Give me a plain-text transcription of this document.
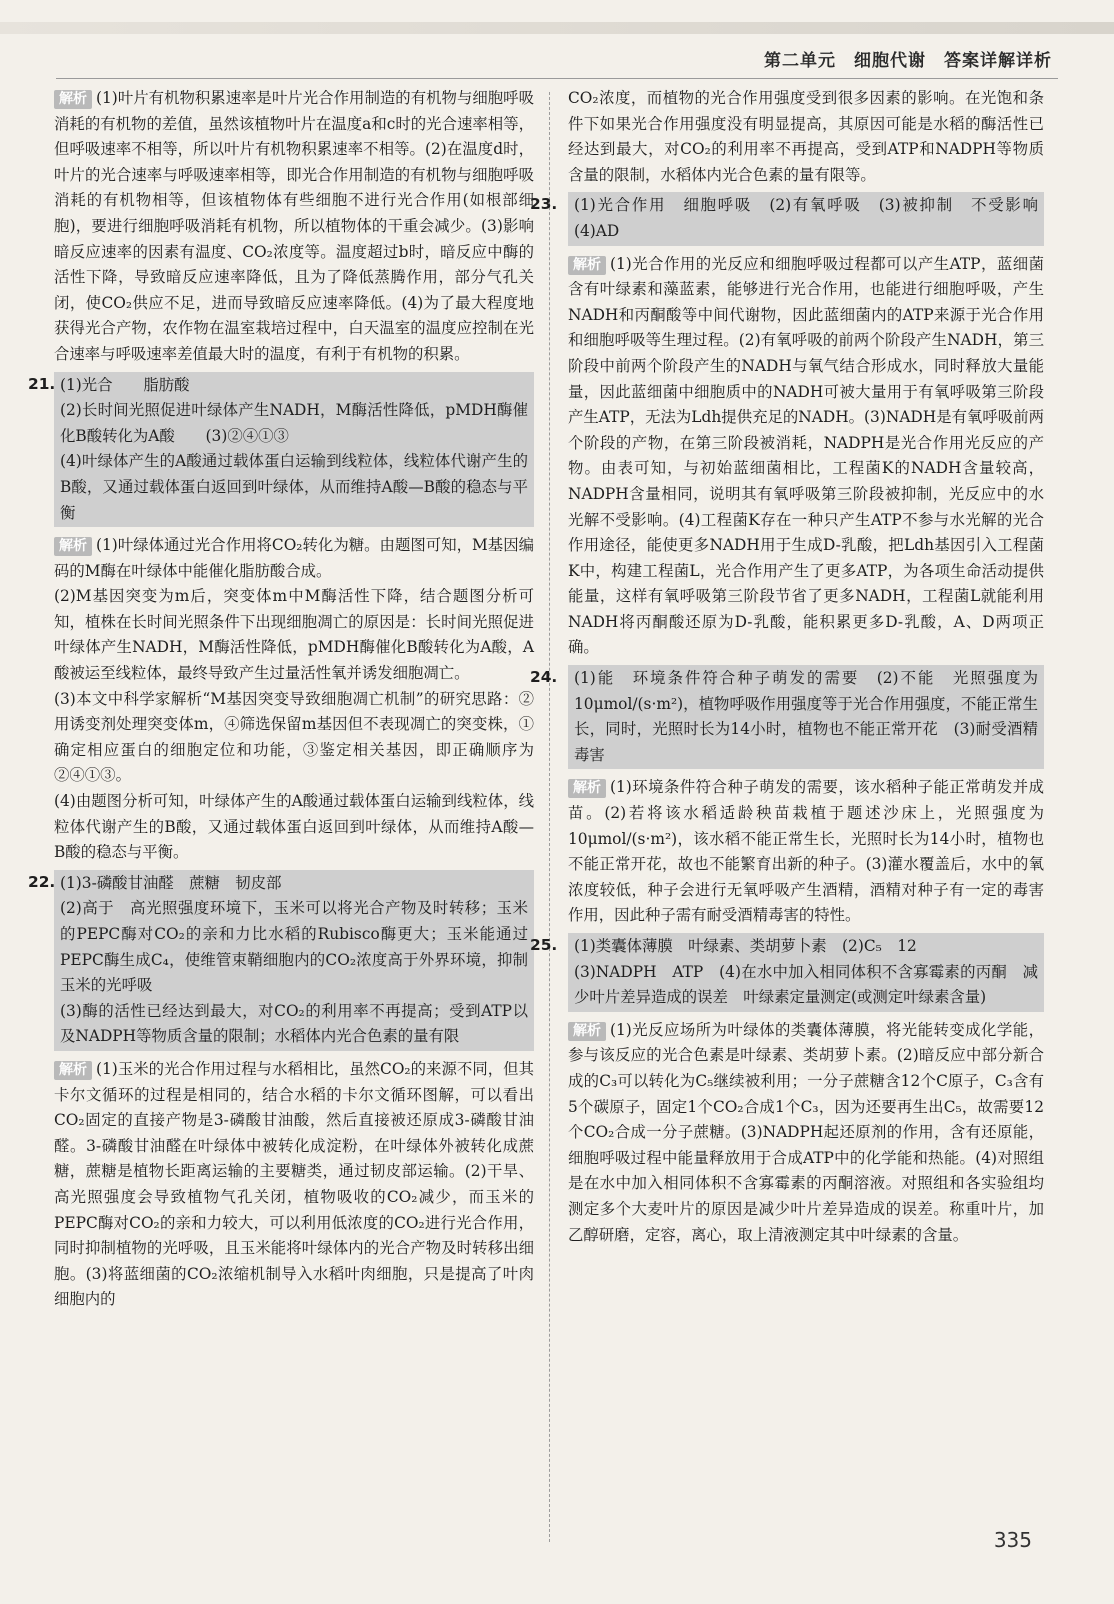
第二单元　细胞代谢　答案详解详析

解析 (1)叶片有机物积累速率是叶片光合作用制造的有机物与细胞呼吸消耗的有机物的差值，虽然该植物叶片在温度a和c时的光合速率相等，但呼吸速率不相等，所以叶片有机物积累速率不相等。(2)在温度d时，叶片的光合速率与呼吸速率相等，即光合作用制造的有机物与细胞呼吸消耗的有机物相等，但该植物体有些细胞不进行光合作用(如根部细胞)，要进行细胞呼吸消耗有机物，所以植物体的干重会减少。(3)影响暗反应速率的因素有温度、CO₂浓度等。温度超过b时，暗反应中酶的活性下降，导致暗反应速率降低，且为了降低蒸腾作用，部分气孔关闭，使CO₂供应不足，进而导致暗反应速率降低。(4)为了最大程度地获得光合产物，农作物在温室栽培过程中，白天温室的温度应控制在光合速率与呼吸速率差值最大时的温度，有利于有机物的积累。

21. (1)光合　　脂肪酸

(2)长时间光照促进叶绿体产生NADH，M酶活性降低，pMDH酶催化B酸转化为A酸　　(3)②④①③

(4)叶绿体产生的A酸通过载体蛋白运输到线粒体，线粒体代谢产生的B酸，又通过载体蛋白返回到叶绿体，从而维持A酸—B酸的稳态与平衡

解析 (1)叶绿体通过光合作用将CO₂转化为糖。由题图可知，M基因编码的M酶在叶绿体中能催化脂肪酸合成。

(2)M基因突变为m后，突变体m中M酶活性下降，结合题图分析可知，植株在长时间光照条件下出现细胞凋亡的原因是：长时间光照促进叶绿体产生NADH，M酶活性降低，pMDH酶催化B酸转化为A酸，A酸被运至线粒体，最终导致产生过量活性氧并诱发细胞凋亡。

(3)本文中科学家解析“M基因突变导致细胞凋亡机制”的研究思路：②用诱变剂处理突变体m，④筛选保留m基因但不表现凋亡的突变株，①确定相应蛋白的细胞定位和功能，③鉴定相关基因，即正确顺序为②④①③。

(4)由题图分析可知，叶绿体产生的A酸通过载体蛋白运输到线粒体，线粒体代谢产生的B酸，又通过载体蛋白返回到叶绿体，从而维持A酸—B酸的稳态与平衡。

22. (1)3-磷酸甘油醛　蔗糖　韧皮部

(2)高于　高光照强度环境下，玉米可以将光合产物及时转移；玉米的PEPC酶对CO₂的亲和力比水稻的Rubisco酶更大；玉米能通过PEPC酶生成C₄，使维管束鞘细胞内的CO₂浓度高于外界环境，抑制玉米的光呼吸

(3)酶的活性已经达到最大，对CO₂的利用率不再提高；受到ATP以及NADPH等物质含量的限制；水稻体内光合色素的量有限

解析 (1)玉米的光合作用过程与水稻相比，虽然CO₂的来源不同，但其卡尔文循环的过程是相同的，结合水稻的卡尔文循环图解，可以看出CO₂固定的直接产物是3-磷酸甘油酸，然后直接被还原成3-磷酸甘油醛。3-磷酸甘油醛在叶绿体中被转化成淀粉，在叶绿体外被转化成蔗糖，蔗糖是植物长距离运输的主要糖类，通过韧皮部运输。(2)干旱、高光照强度会导致植物气孔关闭，植物吸收的CO₂减少，而玉米的PEPC酶对CO₂的亲和力较大，可以利用低浓度的CO₂进行光合作用，同时抑制植物的光呼吸，且玉米能将叶绿体内的光合产物及时转移出细胞。(3)将蓝细菌的CO₂浓缩机制导入水稻叶肉细胞，只是提高了叶肉细胞内的

CO₂浓度，而植物的光合作用强度受到很多因素的影响。在光饱和条件下如果光合作用强度没有明显提高，其原因可能是水稻的酶活性已经达到最大，对CO₂的利用率不再提高，受到ATP和NADPH等物质含量的限制，水稻体内光合色素的量有限等。

23. (1)光合作用　细胞呼吸　(2)有氧呼吸　(3)被抑制　不受影响　(4)AD

解析 (1)光合作用的光反应和细胞呼吸过程都可以产生ATP，蓝细菌含有叶绿素和藻蓝素，能够进行光合作用，也能进行细胞呼吸，产生NADH和丙酮酸等中间代谢物，因此蓝细菌内的ATP来源于光合作用和细胞呼吸等生理过程。(2)有氧呼吸的前两个阶段产生NADH，第三阶段中前两个阶段产生的NADH与氧气结合形成水，同时释放大量能量，因此蓝细菌中细胞质中的NADH可被大量用于有氧呼吸第三阶段产生ATP，无法为Ldh提供充足的NADH。(3)NADH是有氧呼吸前两个阶段的产物，在第三阶段被消耗，NADPH是光合作用光反应的产物。由表可知，与初始蓝细菌相比，工程菌K的NADH含量较高，NADPH含量相同，说明其有氧呼吸第三阶段被抑制，光反应中的水光解不受影响。(4)工程菌K存在一种只产生ATP不参与水光解的光合作用途径，能使更多NADH用于生成D-乳酸，把Ldh基因引入工程菌K中，构建工程菌L，光合作用产生了更多ATP，为各项生命活动提供能量，这样有氧呼吸第三阶段节省了更多NADH，工程菌L就能利用NADH将丙酮酸还原为D-乳酸，能积累更多D-乳酸，A、D两项正确。

24. (1)能　环境条件符合种子萌发的需要　(2)不能　光照强度为10μmol/(s·m²)，植物呼吸作用强度等于光合作用强度，不能正常生长，同时，光照时长为14小时，植物也不能正常开花　(3)耐受酒精毒害

解析 (1)环境条件符合种子萌发的需要，该水稻种子能正常萌发并成苗。(2)若将该水稻适龄秧苗栽植于题述沙床上，光照强度为10μmol/(s·m²)，该水稻不能正常生长，光照时长为14小时，植物也不能正常开花，故也不能繁育出新的种子。(3)灌水覆盖后，水中的氧浓度较低，种子会进行无氧呼吸产生酒精，酒精对种子有一定的毒害作用，因此种子需有耐受酒精毒害的特性。

25. (1)类囊体薄膜　叶绿素、类胡萝卜素　(2)C₅　12

(3)NADPH　ATP　(4)在水中加入相同体积不含寡霉素的丙酮　减少叶片差异造成的误差　叶绿素定量测定(或测定叶绿素含量)

解析 (1)光反应场所为叶绿体的类囊体薄膜，将光能转变成化学能，参与该反应的光合色素是叶绿素、类胡萝卜素。(2)暗反应中部分新合成的C₃可以转化为C₅继续被利用；一分子蔗糖含12个C原子，C₃含有5个碳原子，固定1个CO₂合成1个C₃，因为还要再生出C₅，故需要12个CO₂合成一分子蔗糖。(3)NADPH起还原剂的作用，含有还原能，细胞呼吸过程中能量释放用于合成ATP中的化学能和热能。(4)对照组是在水中加入相同体积不含寡霉素的丙酮溶液。对照组和各实验组均测定多个大麦叶片的原因是减少叶片差异造成的误差。称重叶片，加乙醇研磨，定容，离心，取上清液测定其中叶绿素的含量。

335
